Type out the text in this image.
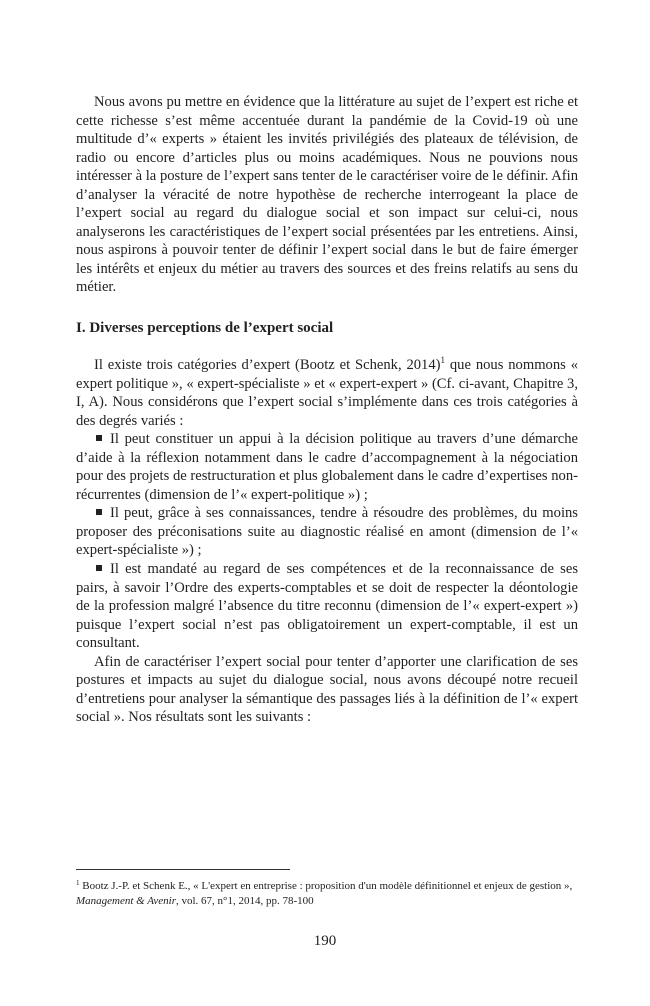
Nous avons pu mettre en évidence que la littérature au sujet de l’expert est riche et cette richesse s’est même accentuée durant la pandémie de la Covid-19 où une multitude d’« experts » étaient les invités privilégiés des plateaux de télévision, de radio ou encore d’articles plus ou moins académiques. Nous ne pouvions nous intéresser à la posture de l’expert sans tenter de le caractériser voire de le définir. Afin d’analyser la véracité de notre hypothèse de recherche interrogeant la place de l’expert social au regard du dialogue social et son impact sur celui-ci, nous analyserons les caractéristiques de l’expert social présentées par les entretiens. Ainsi, nous aspirons à pouvoir tenter de définir l’expert social dans le but de faire émerger les intérêts et enjeux du métier au travers des sources et des freins relatifs au sens du métier.

I. Diverses perceptions de l’expert social

Il existe trois catégories d’expert (Bootz et Schenk, 2014)$^1$ que nous nommons « expert politique », « expert-spécialiste » et « expert-expert » (Cf. ci-avant, Chapitre 3, I, A). Nous considérons que l’expert social s’implémente dans ces trois catégories à des degrés variés :

Il peut constituer un appui à la décision politique au travers d’une démarche d’aide à la réflexion notamment dans le cadre d’accompagnement à la négociation pour des projets de restructuration et plus globalement dans le cadre d’expertises non-récurrentes (dimension de l’« expert-politique ») ;

Il peut, grâce à ses connaissances, tendre à résoudre des problèmes, du moins proposer des préconisations suite au diagnostic réalisé en amont (dimension de l’« expert-spécialiste ») ;

Il est mandaté au regard de ses compétences et de la reconnaissance de ses pairs, à savoir l’Ordre des experts-comptables et se doit de respecter la déontologie de la profession malgré l’absence du titre reconnu (dimension de l’« expert-expert ») puisque l’expert social n’est pas obligatoirement un expert-comptable, il est un consultant.

Afin de caractériser l’expert social pour tenter d’apporter une clarification de ses postures et impacts au sujet du dialogue social, nous avons découpé notre recueil d’entretiens pour analyser la sémantique des passages liés à la définition de l’« expert social ». Nos résultats sont les suivants :

$^1$ Bootz J.-P. et Schenk E., « L'expert en entreprise : proposition d'un modèle définitionnel et enjeux de gestion », Management & Avenir, vol. 67, n°1, 2014, pp. 78-100

190
